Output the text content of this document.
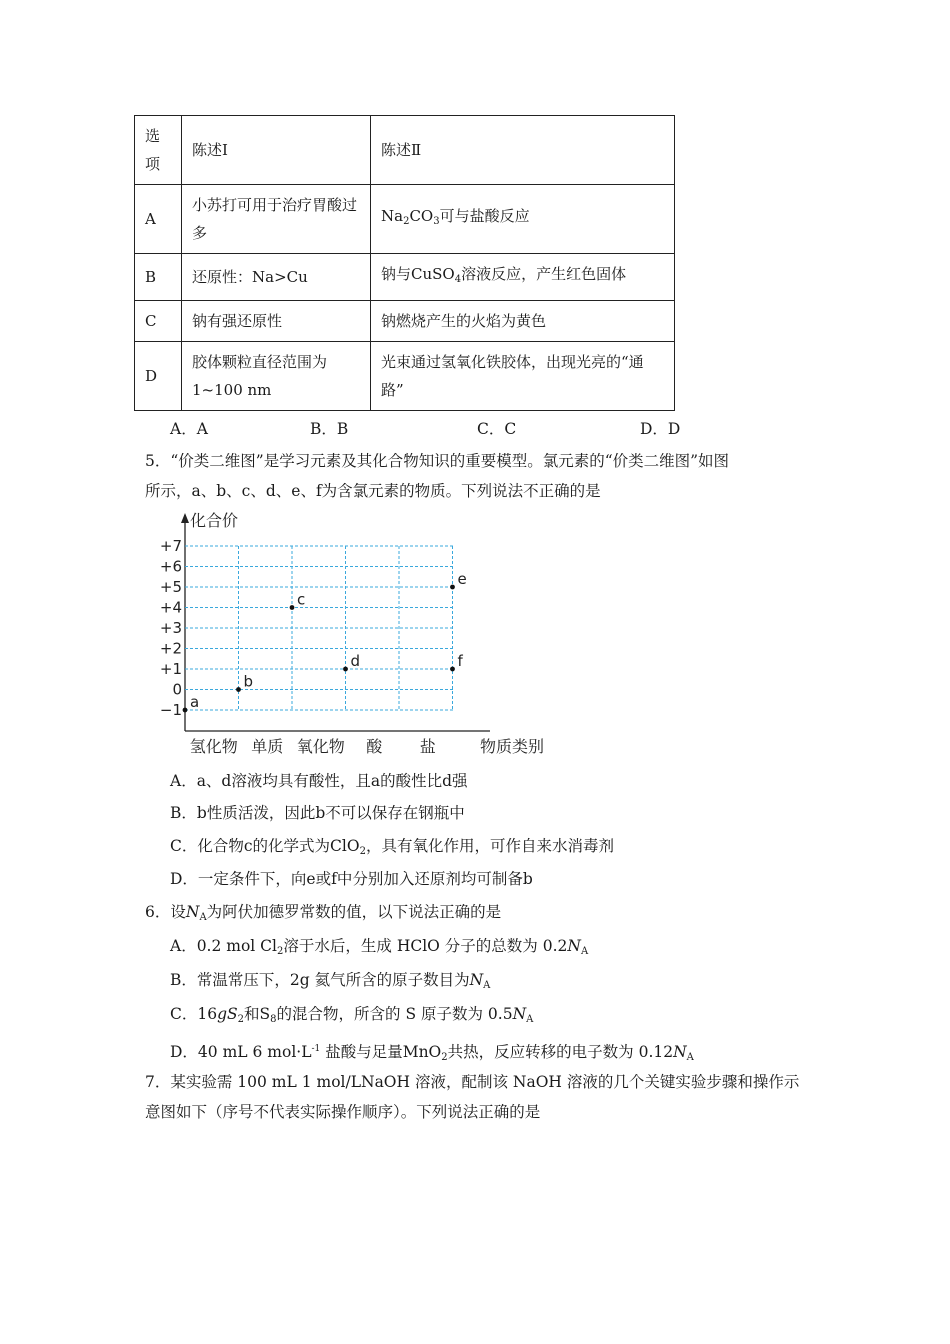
选项	陈述Ⅰ	陈述Ⅱ
A	小苏打可用于治疗胃酸过多	$Na_2CO_3$可与盐酸反应
B	还原性：Na>Cu	钠与CuSO$_4$溶液反应，产生红色固体
C	钠有强还原性	钠燃烧产生的火焰为黄色
D	胶体颗粒直径范围为1~100 nm	光束通过氢氧化铁胶体，出现光亮的“通路”
A．A	B．B	C．C	D．D
5．“价类二维图”是学习元素及其化合物知识的重要模型。氯元素的“价类二维图”如图
所示，a、b、c、d、e、f为含氯元素的物质。下列说法不正确的是
化合价
物质类别
+7
+6
+5
+4
+3
+2
+1
0
−1
氢化物 单质 氧化物 酸 盐
a
b
c
d
e
f
A．a、d溶液均具有酸性，且a的酸性比d强
B．b性质活泼，因此b不可以保存在钢瓶中
C．化合物c的化学式为ClO$_2$，具有氧化作用，可作自来水消毒剂
D．一定条件下，向e或f中分别加入还原剂均可制备b
6．设$N_A$为阿伏加德罗常数的值，以下说法正确的是
A．0.2 mol $Cl_2$溶于水后，生成 HClO 分子的总数为 $0.2N_A$
B．常温常压下，2g 氦气所含的原子数目为$N_A$
C．$16gS_2$和$S_8$的混合物，所含的 S 原子数为 $0.5N_A$
D．40 mL 6 $mol\cdot L^{-1}$ 盐酸与足量MnO$_2$共热，反应转移的电子数为 $0.12N_A$
7．某实验需 100 mL 1 mol/LNaOH 溶液，配制该 NaOH 溶液的几个关键实验步骤和操作示
意图如下（序号不代表实际操作顺序）。下列说法正确的是
